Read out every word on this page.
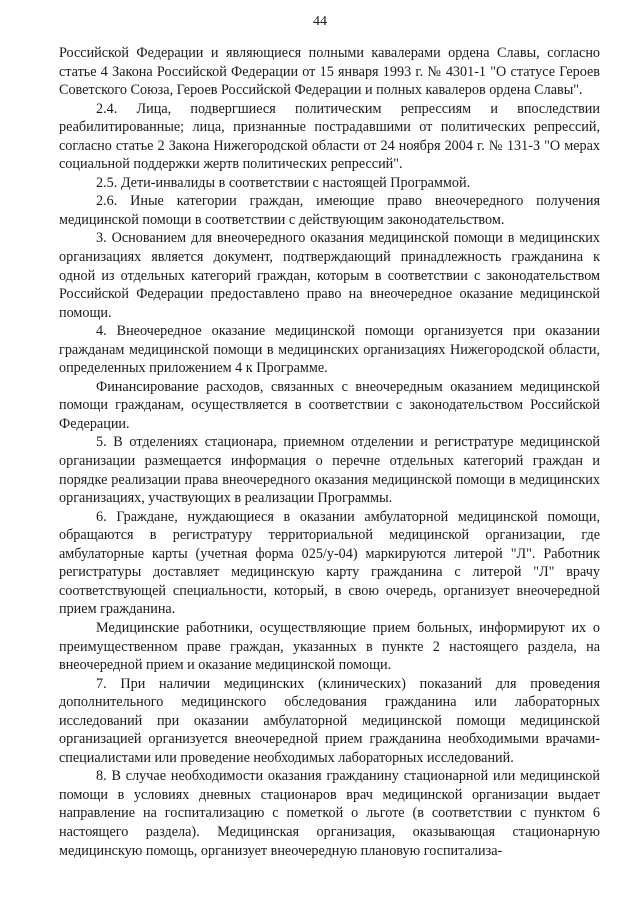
44

Российской Федерации и являющиеся полными кавалерами ордена Славы, согласно статье 4 Закона Российской Федерации от 15 января 1993 г. № 4301-1 "О статусе Героев Советского Союза, Героев Российской Федерации и полных кавалеров ордена Славы".

2.4. Лица, подвергшиеся политическим репрессиям и впоследствии реабилитированные; лица, признанные пострадавшими от политических репрессий, согласно статье 2 Закона Нижегородской области от 24 ноября 2004 г. № 131-З "О мерах социальной поддержки жертв политических репрессий".

2.5. Дети-инвалиды в соответствии с настоящей Программой.

2.6. Иные категории граждан, имеющие право внеочередного получения медицинской помощи в соответствии с действующим законодательством.

3. Основанием для внеочередного оказания медицинской помощи в медицинских организациях является документ, подтверждающий принадлежность гражданина к одной из отдельных категорий граждан, которым в соответствии с законодательством Российской Федерации предоставлено право на внеочередное оказание медицинской помощи.

4. Внеочередное оказание медицинской помощи организуется при оказании гражданам медицинской помощи в медицинских организациях Нижегородской области, определенных приложением 4 к Программе.

Финансирование расходов, связанных с внеочередным оказанием медицинской помощи гражданам, осуществляется в соответствии с законодательством Российской Федерации.

5. В отделениях стационара, приемном отделении и регистратуре медицинской организации размещается информация о перечне отдельных категорий граждан и порядке реализации права внеочередного оказания медицинской помощи в медицинских организациях, участвующих в реализации Программы.

6. Граждане, нуждающиеся в оказании амбулаторной медицинской помощи, обращаются в регистратуру территориальной медицинской организации, где амбулаторные карты (учетная форма 025/у-04) маркируются литерой "Л". Работник регистратуры доставляет медицинскую карту гражданина с литерой "Л" врачу соответствующей специальности, который, в свою очередь, организует внеочередной прием гражданина.

Медицинские работники, осуществляющие прием больных, информируют их о преимущественном праве граждан, указанных в пункте 2 настоящего раздела, на внеочередной прием и оказание медицинской помощи.

7. При наличии медицинских (клинических) показаний для проведения дополнительного медицинского обследования гражданина или лабораторных исследований при оказании амбулаторной медицинской помощи медицинской организацией организуется внеочередной прием гражданина необходимыми врачами-специалистами или проведение необходимых лабораторных исследований.

8. В случае необходимости оказания гражданину стационарной или медицинской помощи в условиях дневных стационаров врач медицинской организации выдает направление на госпитализацию с пометкой о льготе (в соответствии с пунктом 6 настоящего раздела). Медицинская организация, оказывающая стационарную медицинскую помощь, организует внеочередную плановую госпитализа-
